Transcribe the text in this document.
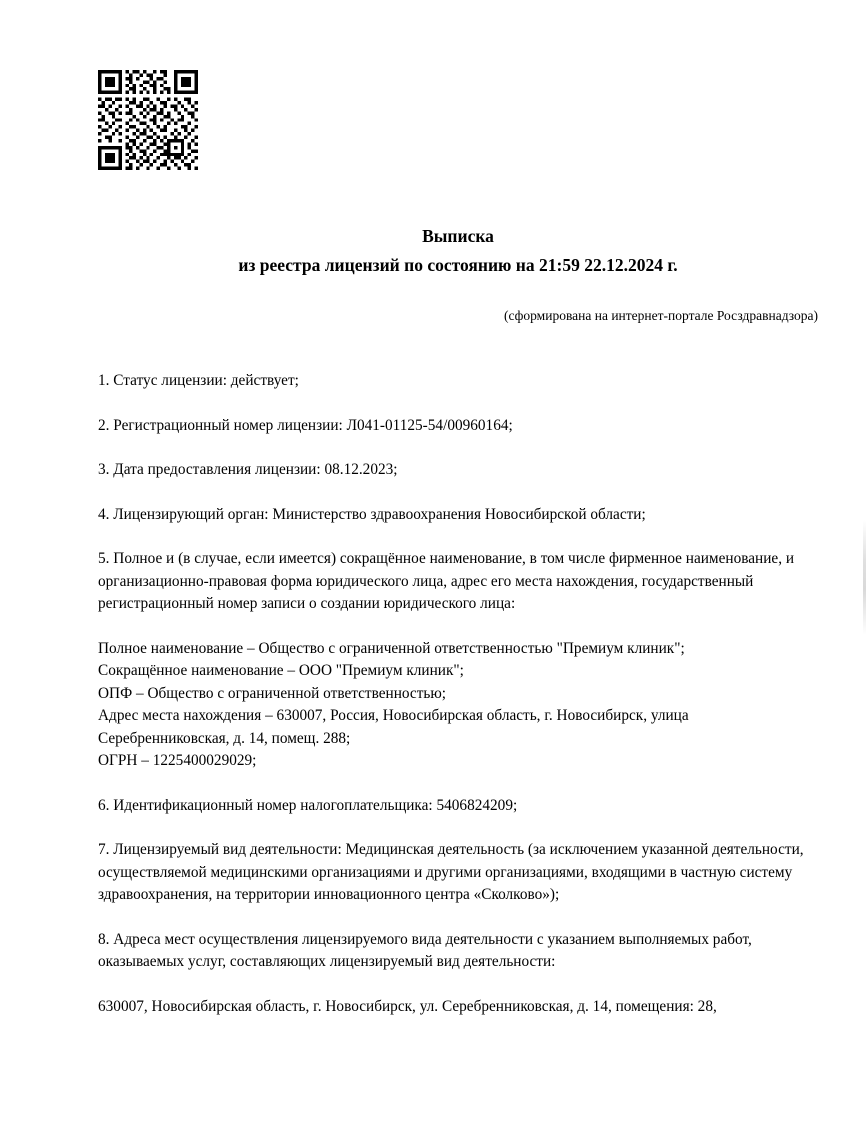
Выписка
из реестра лицензий по состоянию на 21:59 22.12.2024 г.
(сформирована на интернет-портале Росздравнадзора)
1. Статус лицензии: действует;
2. Регистрационный номер лицензии: Л041-01125-54/00960164;
3. Дата предоставления лицензии: 08.12.2023;
4. Лицензирующий орган: Министерство здравоохранения Новосибирской области;
5. Полное и (в случае, если имеется) сокращённое наименование, в том числе фирменное наименование, и организационно-правовая форма юридического лица, адрес его места нахождения, государственный регистрационный номер записи о создании юридического лица:
Полное наименование – Общество с ограниченной ответственностью "Премиум клиник";
Сокращённое наименование – ООО "Премиум клиник";
ОПФ – Общество с ограниченной ответственностью;
Адрес места нахождения – 630007, Россия, Новосибирская область, г. Новосибирск, улица Серебренниковская, д. 14, помещ. 288;
ОГРН – 1225400029029;
6. Идентификационный номер налогоплательщика: 5406824209;
7. Лицензируемый вид деятельности: Медицинская деятельность (за исключением указанной деятельности, осуществляемой медицинскими организациями и другими организациями, входящими в частную систему здравоохранения, на территории инновационного центра «Сколково»);
8. Адреса мест осуществления лицензируемого вида деятельности с указанием выполняемых работ, оказываемых услуг, составляющих лицензируемый вид деятельности:
630007, Новосибирская область, г. Новосибирск, ул. Серебренниковская, д. 14, помещения: 28,
